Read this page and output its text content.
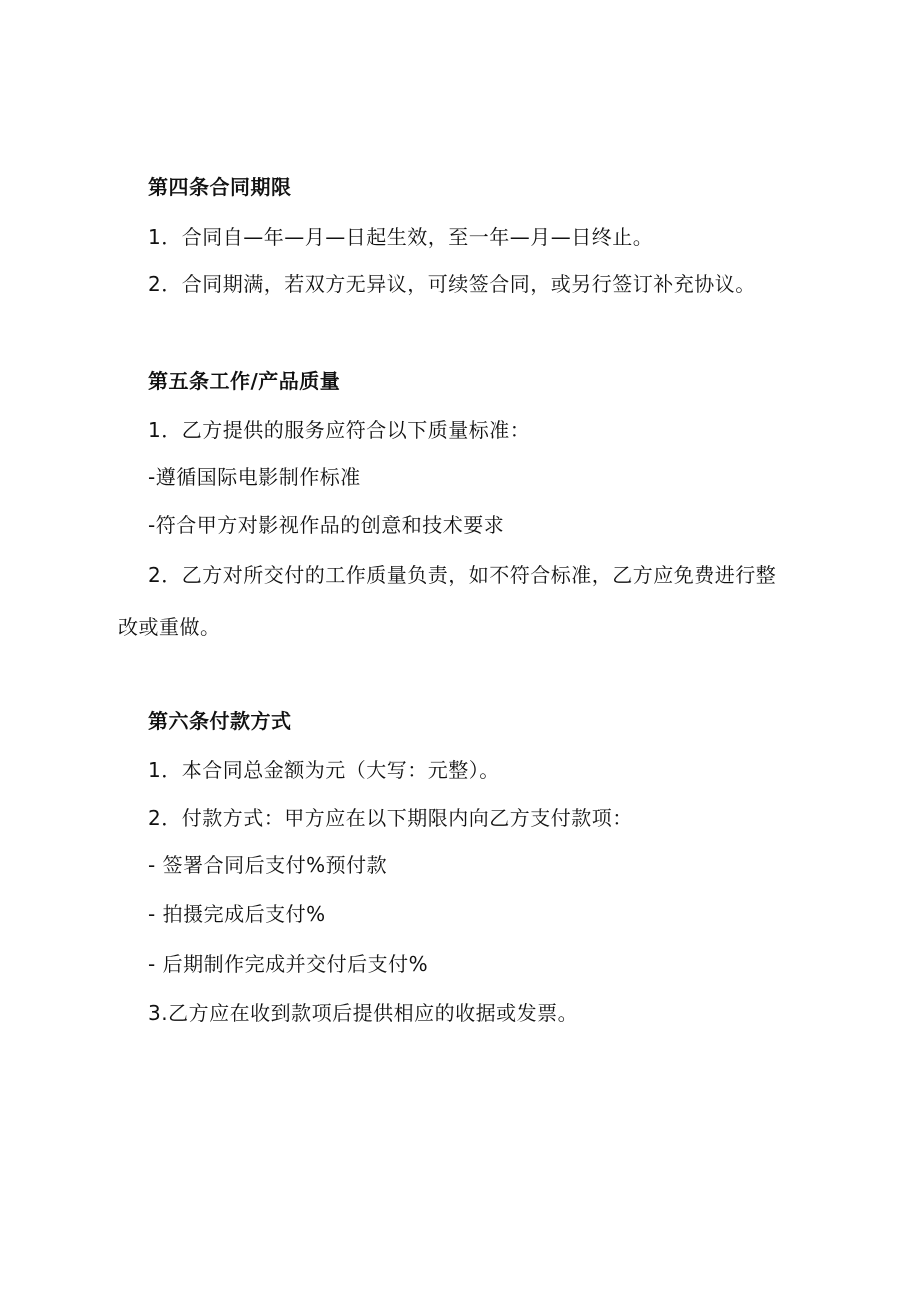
第四条合同期限
1．合同自—年—月—日起生效，至一年—月—日终止。
2．合同期满，若双方无异议，可续签合同，或另行签订补充协议。
第五条工作/产品质量
1．乙方提供的服务应符合以下质量标准：
-遵循国际电影制作标准
-符合甲方对影视作品的创意和技术要求
2．乙方对所交付的工作质量负责，如不符合标准，乙方应免费进行整
改或重做。
第六条付款方式
1．本合同总金额为元（大写：元整）。
2．付款方式：甲方应在以下期限内向乙方支付款项：
- 签署合同后支付%预付款
- 拍摄完成后支付%
- 后期制作完成并交付后支付%
3.乙方应在收到款项后提供相应的收据或发票。
